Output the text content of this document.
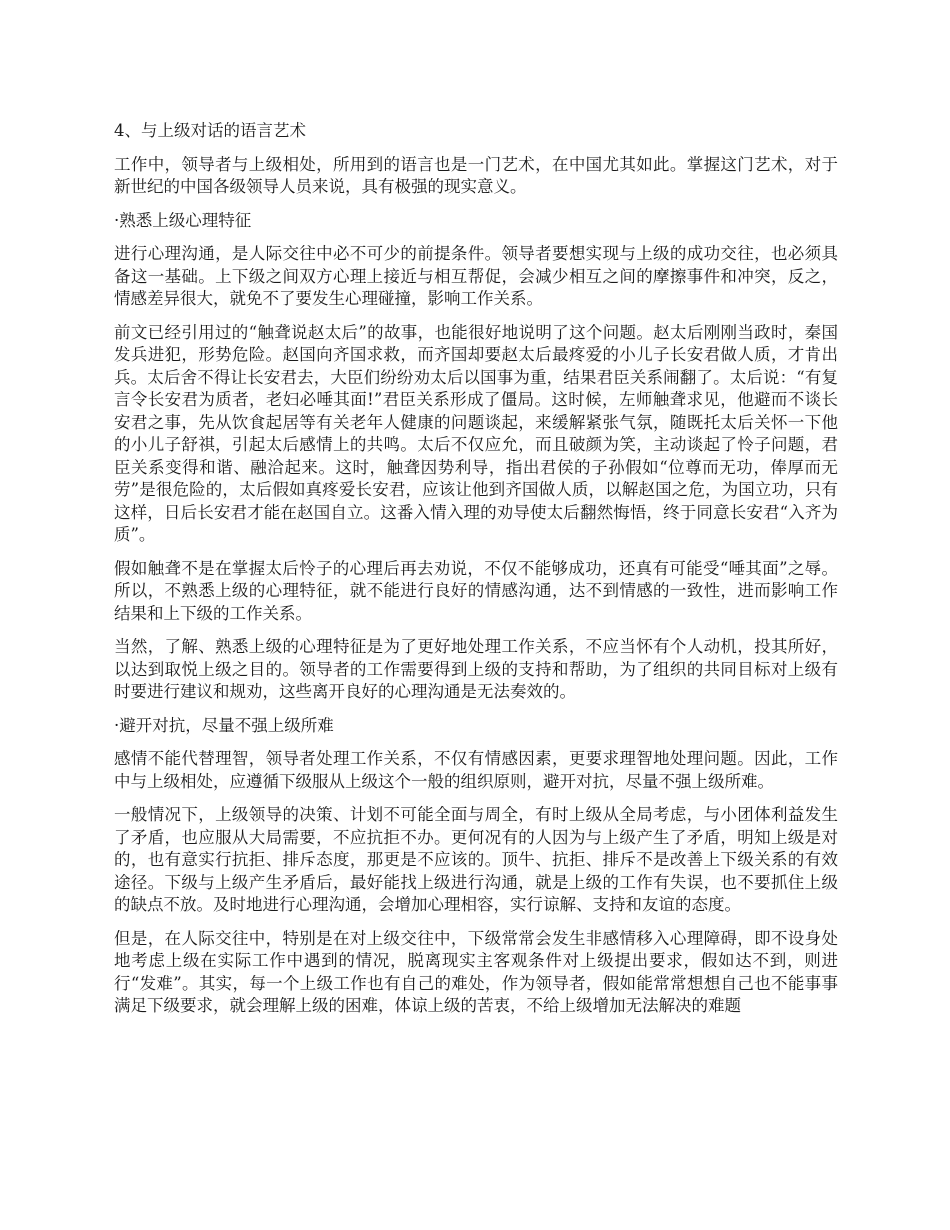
4、与上级对话的语言艺术

工作中，领导者与上级相处，所用到的语言也是一门艺术，在中国尤其如此。掌握这门艺术，对于新世纪的中国各级领导人员来说，具有极强的现实意义。

·熟悉上级心理特征

进行心理沟通，是人际交往中必不可少的前提条件。领导者要想实现与上级的成功交往，也必须具备这一基础。上下级之间双方心理上接近与相互帮促，会减少相互之间的摩擦事件和冲突，反之，情感差异很大，就免不了要发生心理碰撞，影响工作关系。

前文已经引用过的“触聋说赵太后”的故事，也能很好地说明了这个问题。赵太后刚刚当政时，秦国发兵进犯，形势危险。赵国向齐国求救，而齐国却要赵太后最疼爱的小儿子长安君做人质，才肯出兵。太后舍不得让长安君去，大臣们纷纷劝太后以国事为重，结果君臣关系闹翻了。太后说：“有复言令长安君为质者，老妇必唾其面!”君臣关系形成了僵局。这时候，左师触聋求见，他避而不谈长安君之事，先从饮食起居等有关老年人健康的问题谈起，来缓解紧张气氛，随既托太后关怀一下他的小儿子舒祺，引起太后感情上的共鸣。太后不仅应允，而且破颜为笑，主动谈起了怜子问题，君臣关系变得和谐、融洽起来。这时，触聋因势利导，指出君侯的子孙假如“位尊而无功，俸厚而无劳”是很危险的，太后假如真疼爱长安君，应该让他到齐国做人质，以解赵国之危，为国立功，只有这样，日后长安君才能在赵国自立。这番入情入理的劝导使太后翻然悔悟，终于同意长安君“入齐为质”。

假如触聋不是在掌握太后怜子的心理后再去劝说，不仅不能够成功，还真有可能受“唾其面”之辱。所以，不熟悉上级的心理特征，就不能进行良好的情感沟通，达不到情感的一致性，进而影响工作结果和上下级的工作关系。

当然，了解、熟悉上级的心理特征是为了更好地处理工作关系，不应当怀有个人动机，投其所好，以达到取悦上级之目的。领导者的工作需要得到上级的支持和帮助，为了组织的共同目标对上级有时要进行建议和规劝，这些离开良好的心理沟通是无法奏效的。

·避开对抗，尽量不强上级所难

感情不能代替理智，领导者处理工作关系，不仅有情感因素，更要求理智地处理问题。因此，工作中与上级相处，应遵循下级服从上级这个一般的组织原则，避开对抗，尽量不强上级所难。

一般情况下，上级领导的决策、计划不可能全面与周全，有时上级从全局考虑，与小团体利益发生了矛盾，也应服从大局需要，不应抗拒不办。更何况有的人因为与上级产生了矛盾，明知上级是对的，也有意实行抗拒、排斥态度，那更是不应该的。顶牛、抗拒、排斥不是改善上下级关系的有效途径。下级与上级产生矛盾后，最好能找上级进行沟通，就是上级的工作有失误，也不要抓住上级的缺点不放。及时地进行心理沟通，会增加心理相容，实行谅解、支持和友谊的态度。

但是，在人际交往中，特别是在对上级交往中，下级常常会发生非感情移入心理障碍，即不设身处地考虑上级在实际工作中遇到的情况，脱离现实主客观条件对上级提出要求，假如达不到，则进行“发难”。其实，每一个上级工作也有自己的难处，作为领导者，假如能常常想想自己也不能事事满足下级要求，就会理解上级的困难，体谅上级的苦衷，不给上级增加无法解决的难题
